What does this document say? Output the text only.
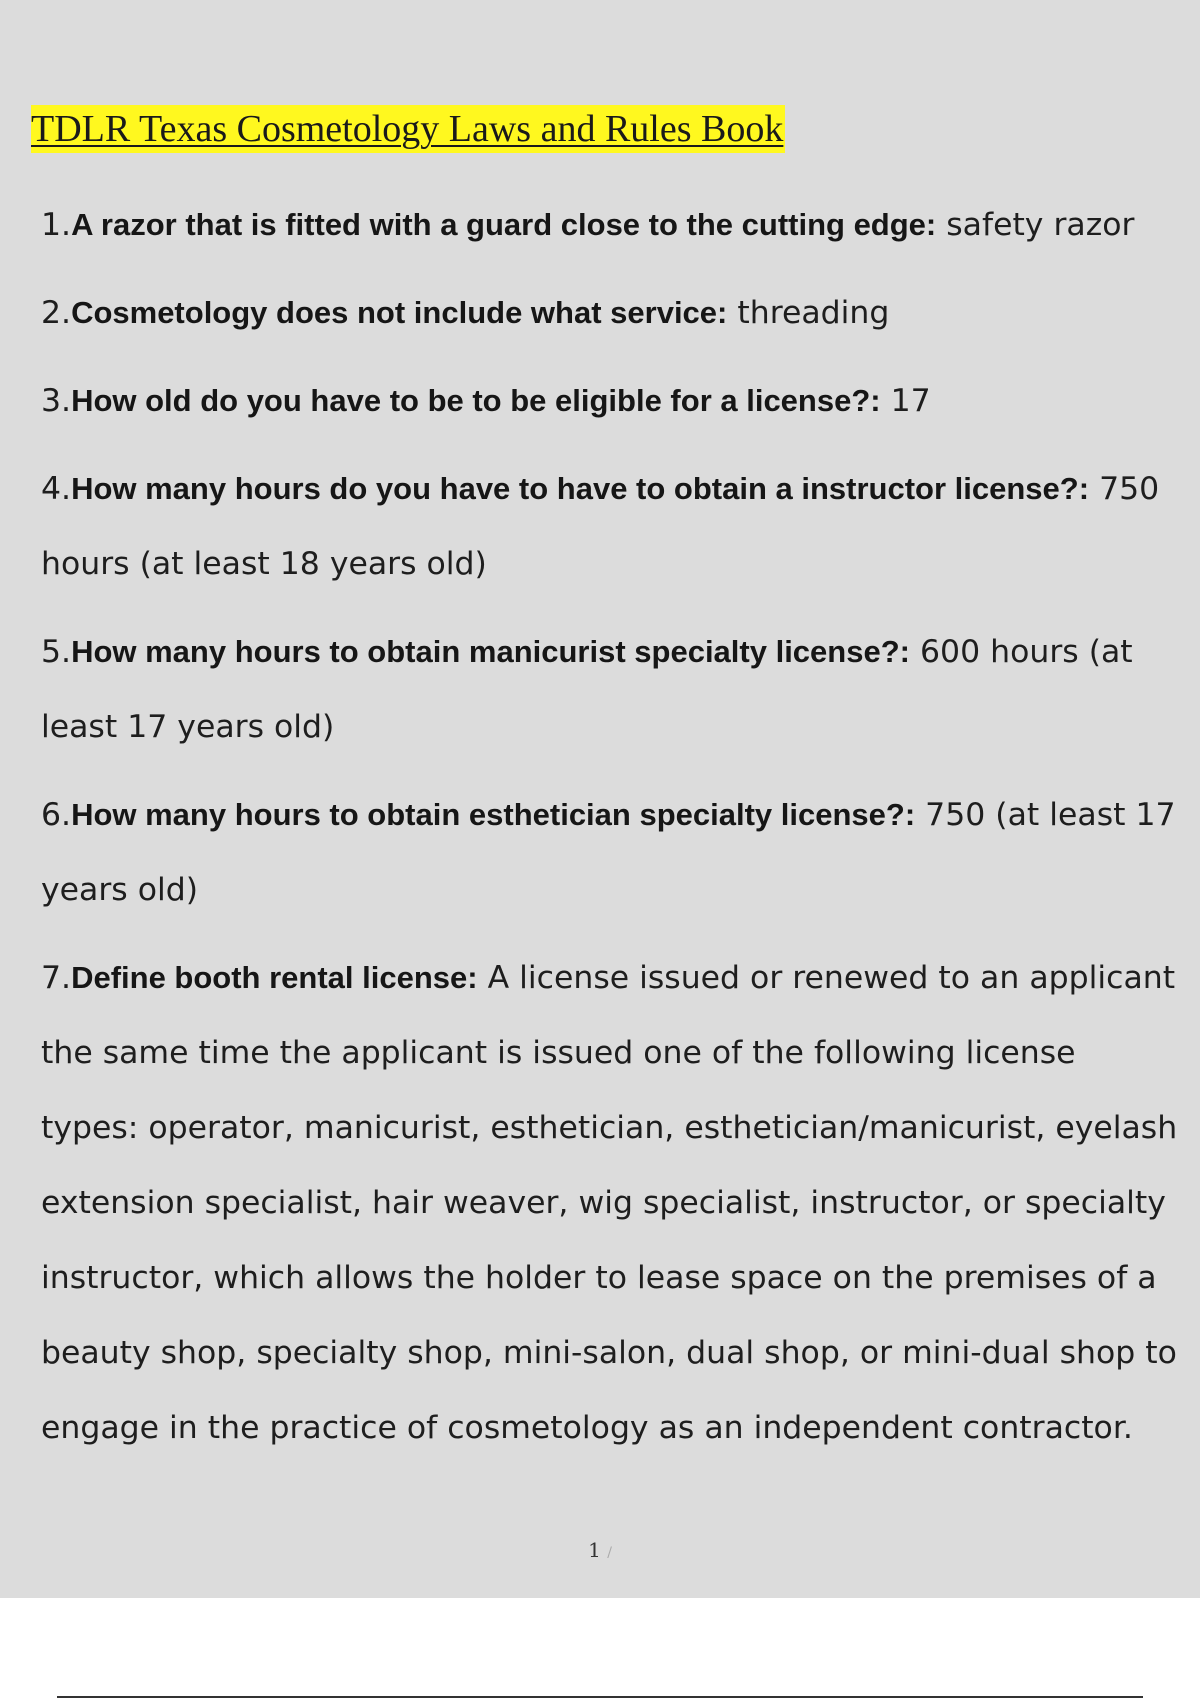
TDLR Texas Cosmetology Laws and Rules Book
1.A razor that is fitted with a guard close to the cutting edge: safety razor
2.Cosmetology does not include what service: threading
3.How old do you have to be to be eligible for a license?: 17
4.How many hours do you have to have to obtain a instructor license?: 750 hours (at least 18 years old)
5.How many hours to obtain manicurist specialty license?: 600 hours (at least 17 years old)
6.How many hours to obtain esthetician specialty license?: 750 (at least 17 years old)
7.Define booth rental license: A license issued or renewed to an applicant the same time the applicant is issued one of the following license types: operator, manicurist, esthetician, esthetician/manicurist, eyelash extension specialist, hair weaver, wig specialist, instructor, or specialty instructor, which allows the holder to lease space on the premises of a beauty shop, specialty shop, mini-salon, dual shop, or mini-dual shop to engage in the practice of cosmetology as an independent contractor.
1 /
